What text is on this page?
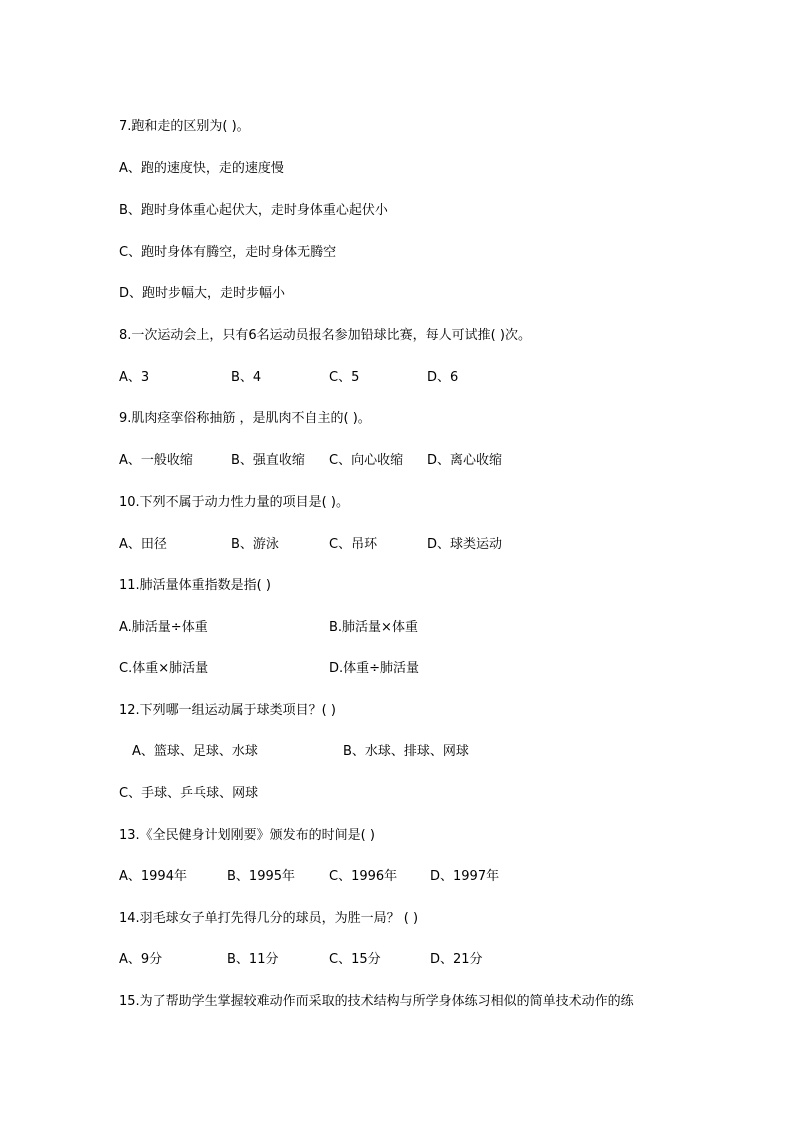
7.跑和走的区别为( )。
A、跑的速度快，走的速度慢
B、跑时身体重心起伏大，走时身体重心起伏小
C、跑时身体有腾空，走时身体无腾空
D、跑时步幅大，走时步幅小
8.一次运动会上，只有6名运动员报名参加铅球比赛，每人可试推( )次。
A、3	B、4	C、5	D、6
9.肌肉痉挛俗称抽筋 ，是肌肉不自主的( )。
A、一般收缩	B、强直收缩 C、向心收缩 D、离心收缩
10.下列不属于动力性力量的项目是( )。
A、田径	B、游泳	C、吊环	D、球类运动
11.肺活量体重指数是指( )
A.肺活量÷体重	B.肺活量×体重
C.体重×肺活量	D.体重÷肺活量
12.下列哪一组运动属于球类项目？( )
A、篮球、足球、水球	B、水球、排球、网球
C、手球、乒乓球、网球
13.《全民健身计划刚要》颁发布的时间是( )
A、1994年	B、1995年	C、1996年	D、1997年
14.羽毛球女子单打先得几分的球员，为胜一局？ ( )
A、9分	B、11分	C、15分	D、21分
15.为了帮助学生掌握较难动作而采取的技术结构与所学身体练习相似的简单技术动作的练
